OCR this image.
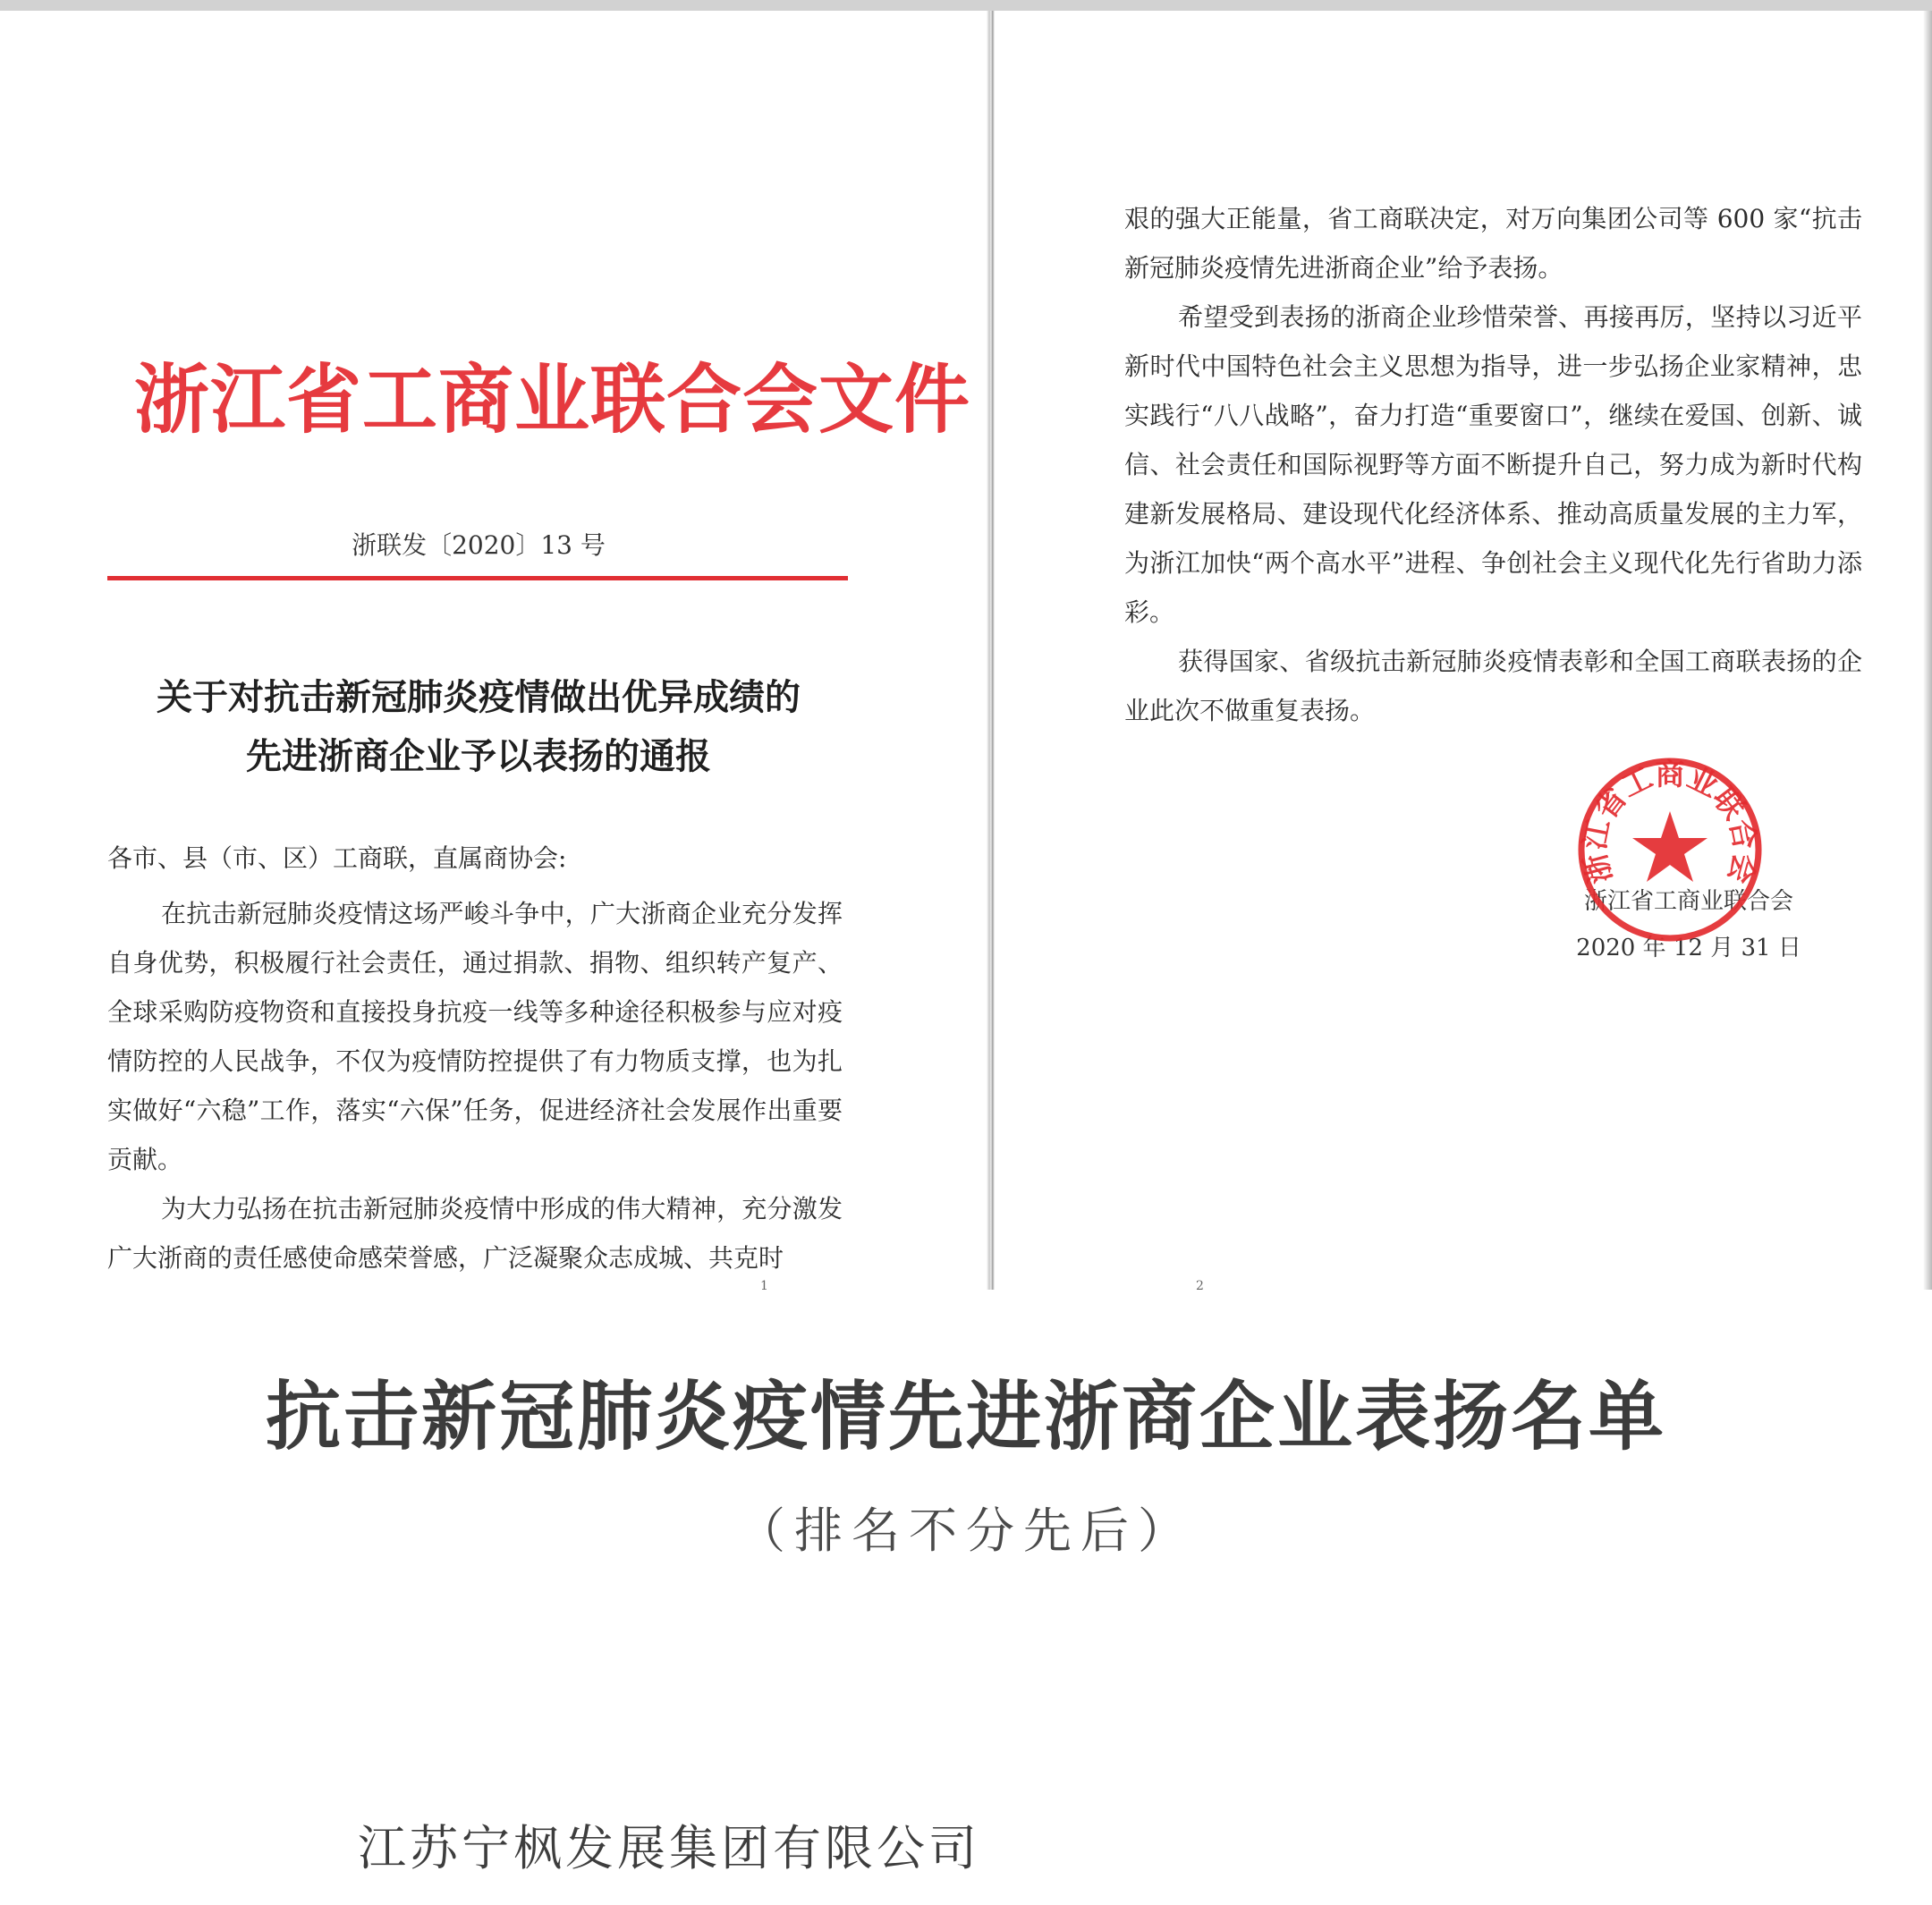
浙江省工商业联合会文件
浙联发〔2020〕13 号
关于对抗击新冠肺炎疫情做出优异成绩的
先进浙商企业予以表扬的通报
各市、县（市、区）工商联，直属商协会:

在抗击新冠肺炎疫情这场严峻斗争中，广大浙商企业充分发挥自身优势，积极履行社会责任，通过捐款、捐物、组织转产复产、全球采购防疫物资和直接投身抗疫一线等多种途径积极参与应对疫情防控的人民战争，不仅为疫情防控提供了有力物质支撑，也为扎实做好“六稳”工作，落实“六保”任务，促进经济社会发展作出重要贡献。

为大力弘扬在抗击新冠肺炎疫情中形成的伟大精神，充分激发广大浙商的责任感使命感荣誉感，广泛凝聚众志成城、共克时

1

艰的强大正能量，省工商联决定，对万向集团公司等 600 家“抗击新冠肺炎疫情先进浙商企业”给予表扬。

希望受到表扬的浙商企业珍惜荣誉、再接再厉，坚持以习近平新时代中国特色社会主义思想为指导，进一步弘扬企业家精神，忠实践行“八八战略”，奋力打造“重要窗口”，继续在爱国、创新、诚信、社会责任和国际视野等方面不断提升自己，努力成为新时代构建新发展格局、建设现代化经济体系、推动高质量发展的主力军，为浙江加快“两个高水平”进程、争创社会主义现代化先行省助力添彩。

获得国家、省级抗击新冠肺炎疫情表彰和全国工商联表扬的企业此次不做重复表扬。

2
浙江省工商业联合会
2020 年 12 月 31 日
浙江省工商业联合会
抗击新冠肺炎疫情先进浙商企业表扬名单
（排名不分先后）
江苏宁枫发展集团有限公司
